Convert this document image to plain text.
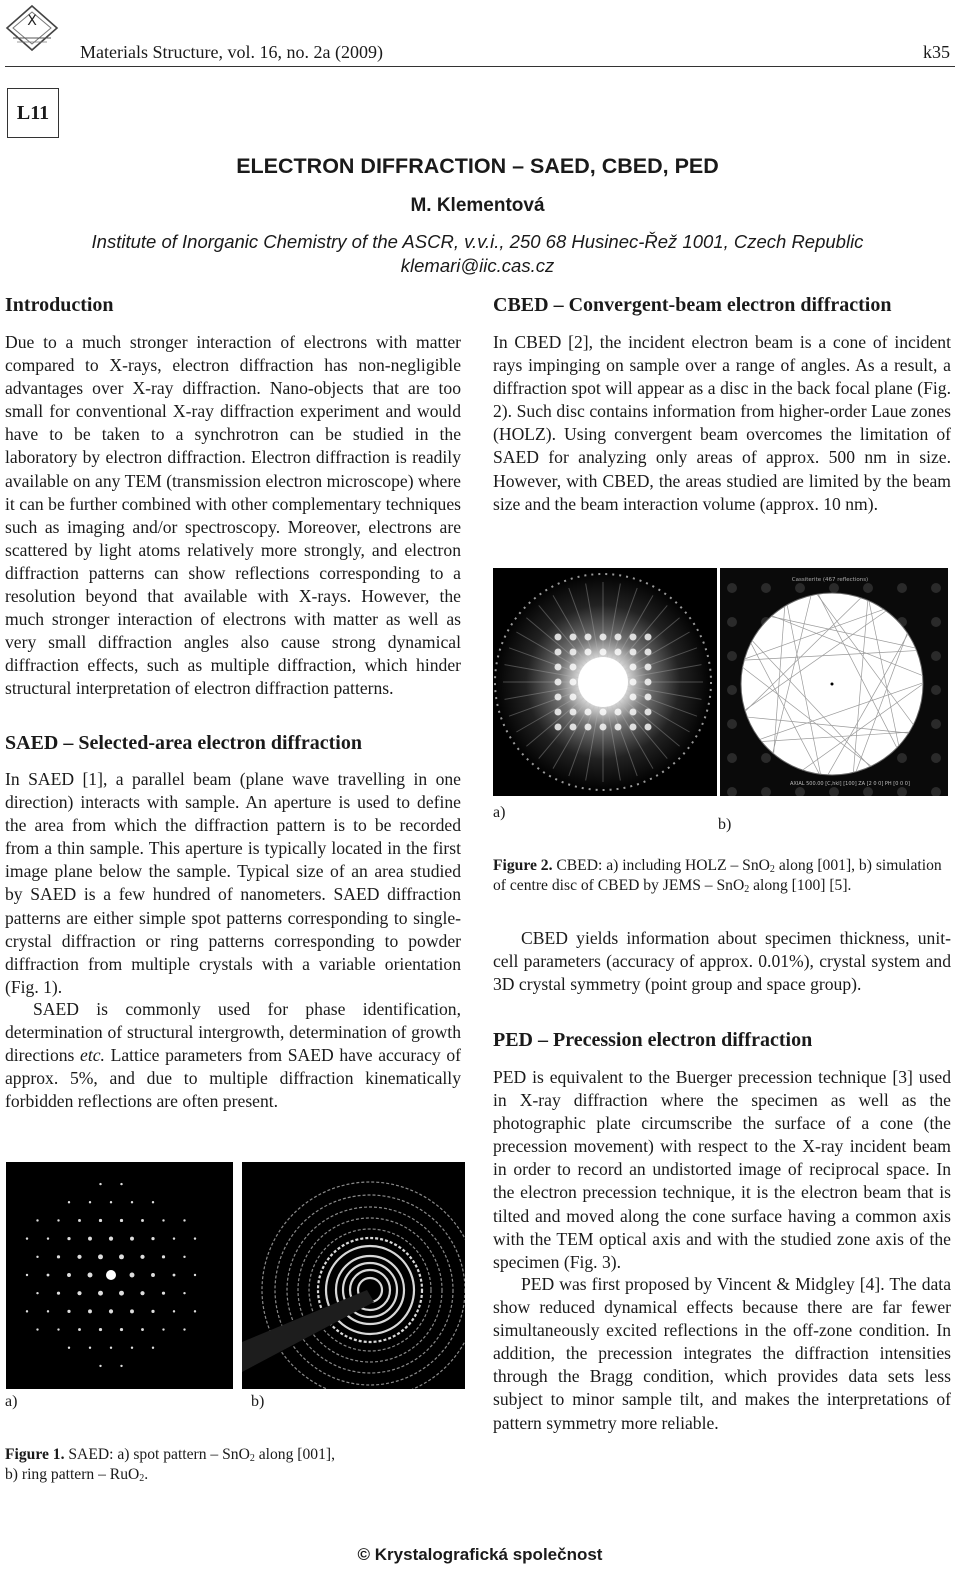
X
Materials Structure, vol. 16, no. 2a (2009)	k35
L11
ELECTRON DIFFRACTION – SAED, CBED, PED
M. Klementová
Institute of Inorganic Chemistry of the ASCR, v.v.i., 250 68 Husinec-Řež 1001, Czech Republic
klemari@iic.cas.cz
Introduction

Due to a much stronger interaction of electrons with matter compared to X-rays, electron diffraction has non-negligible advantages over X-ray diffraction. Nano-objects that are too small for conventional X-ray diffraction experiment and would have to be taken to a synchrotron can be studied in the laboratory by electron diffraction. Electron diffraction is readily available on any TEM (transmission electron microscope) where it can be further combined with other complementary techniques such as imaging and/or spectroscopy. Moreover, electrons are scattered by light atoms relatively more strongly, and electron diffraction patterns can show reflections corresponding to a resolution beyond that available with X-rays. However, the much stronger interaction of electrons with matter as well as very small diffraction angles also cause strong dynamical diffraction effects, such as multiple diffraction, which hinder structural interpretation of electron diffraction patterns.

SAED – Selected-area electron diffraction

In SAED [1], a parallel beam (plane wave travelling in one direction) interacts with sample. An aperture is used to define the area from which the diffraction pattern is to be recorded from a thin sample. This aperture is typically located in the first image plane below the sample. Typical size of an area studied by SAED is a few hundred of nanometers. SAED diffraction patterns are either simple spot patterns corresponding to single-crystal diffraction or ring patterns corresponding to powder diffraction from multiple crystals with a variable orientation (Fig. 1).

SAED is commonly used for phase identification, determination of structural intergrowth, determination of growth directions etc. Lattice parameters from SAED have accuracy of approx. 5%, and due to multiple diffraction kinematically forbidden reflections are often present.

a)	b)

Figure 1. SAED: a) spot pattern – SnO$_2$ along [001],
b) ring pattern – RuO$_2$.

CBED – Convergent-beam electron diffraction

In CBED [2], the incident electron beam is a cone of incident rays impinging on sample over a range of angles. As a result, a diffraction spot will appear as a disc in the back focal plane (Fig. 2). Such disc contains information from higher-order Laue zones (HOLZ). Using convergent beam overcomes the limitation of SAED for analyzing only areas of approx. 500 nm in size. However, with CBED, the areas studied are limited by the beam size and the beam interaction volume (approx. 10 nm).

Cassiterite (467 reflections)
AXIAL 500.00 [C,hkl] [100] ZA [2 0 0] PH [0 0 0]
a)
b)

Figure 2. CBED: a) including HOLZ – SnO$_2$ along [001], b) simulation of centre disc of CBED by JEMS – SnO$_2$ along [100] [5].

CBED yields information about specimen thickness, unit-cell parameters (accuracy of approx. 0.01%), crystal system and 3D crystal symmetry (point group and space group).

PED – Precession electron diffraction

PED is equivalent to the Buerger precession technique [3] used in X-ray diffraction where the specimen as well as the photographic plate circumscribe the surface of a cone (the precession movement) with respect to the X-ray incident beam in order to record an undistorted image of reciprocal space. In the electron precession technique, it is the electron beam that is tilted and moved along the cone surface having a common axis with the TEM optical axis and with the studied zone axis of the specimen (Fig. 3).

PED was first proposed by Vincent & Midgley [4]. The data show reduced dynamical effects because there are far fewer simultaneously excited reflections in the off-zone condition. In addition, the precession integrates the diffraction intensities through the Bragg condition, which provides data sets less subject to minor sample tilt, and makes the interpretations of pattern symmetry more reliable.

© Krystalografická společnost
